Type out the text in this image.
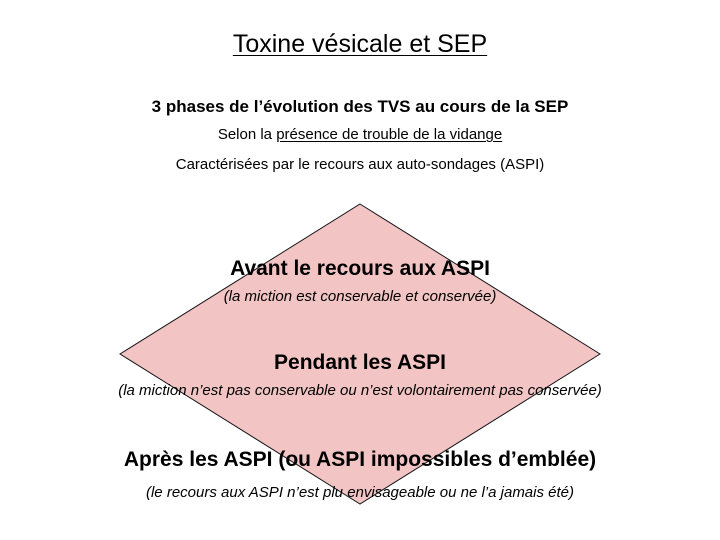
Toxine vésicale et SEP
3 phases de l’évolution des TVS au cours de la SEP
Selon la présence de trouble de la vidange
Caractérisées par le recours aux auto-sondages (ASPI)
Avant le recours aux ASPI
(la miction est conservable et conservée)
Pendant les ASPI
(la miction n’est pas conservable ou n’est volontairement pas conservée)
Après les ASPI (ou ASPI impossibles d’emblée)
(le recours aux ASPI n’est plu envisageable ou ne l’a jamais été)
